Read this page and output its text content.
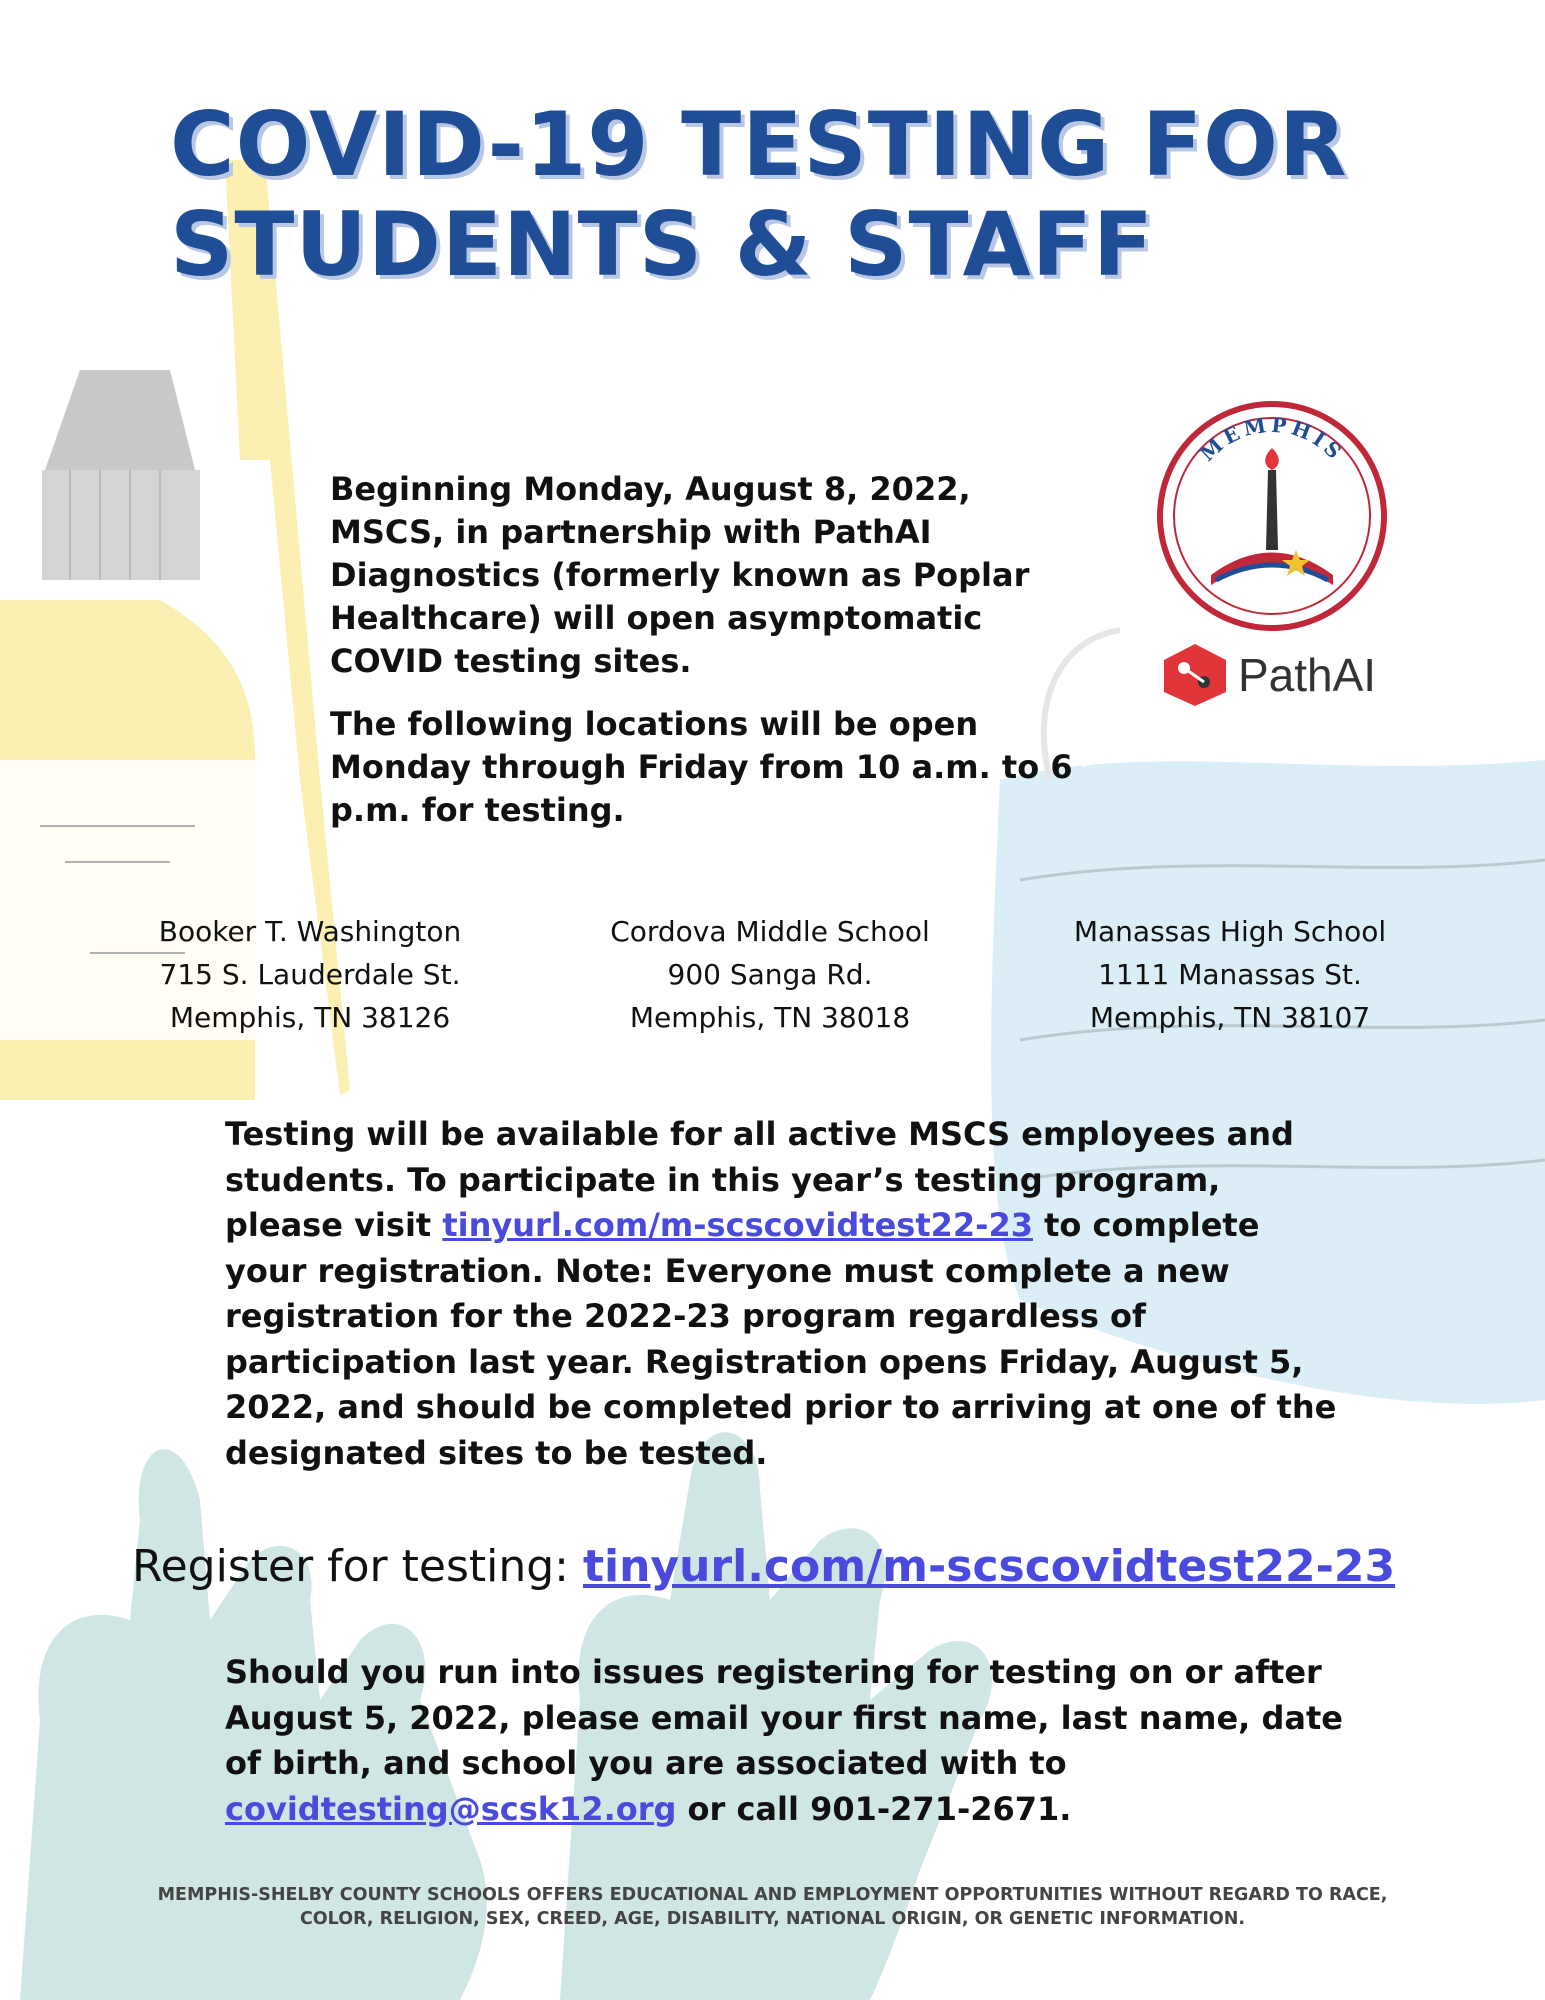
COVID-19 TESTING FOR
STUDENTS & STAFF

Beginning Monday, August 8, 2022, MSCS, in partnership with PathAI Diagnostics (formerly known as Poplar Healthcare) will open asymptomatic COVID testing sites.

The following locations will be open Monday through Friday from 10 a.m. to 6 p.m. for testing.

MEMPHIS
PathAI
Booker T. Washington
715 S. Lauderdale St.
Memphis, TN 38126
Cordova Middle School
900 Sanga Rd.
Memphis, TN 38018
Manassas High School
1111 Manassas St.
Memphis, TN 38107

Testing will be available for all active MSCS employees and students. To participate in this year’s testing program, please visit tinyurl.com/m-scscovidtest22-23 to complete your registration. Note: Everyone must complete a new registration for the 2022-23 program regardless of participation last year. Registration opens Friday, August 5, 2022, and should be completed prior to arriving at one of the designated sites to be tested.

Register for testing: tinyurl.com/m-scscovidtest22-23

Should you run into issues registering for testing on or after August 5, 2022, please email your first name, last name, date of birth, and school you are associated with to covidtesting@scsk12.org or call 901-271-2671.

MEMPHIS-SHELBY COUNTY SCHOOLS OFFERS EDUCATIONAL AND EMPLOYMENT OPPORTUNITIES WITHOUT REGARD TO RACE,
COLOR, RELIGION, SEX, CREED, AGE, DISABILITY, NATIONAL ORIGIN, OR GENETIC INFORMATION.
